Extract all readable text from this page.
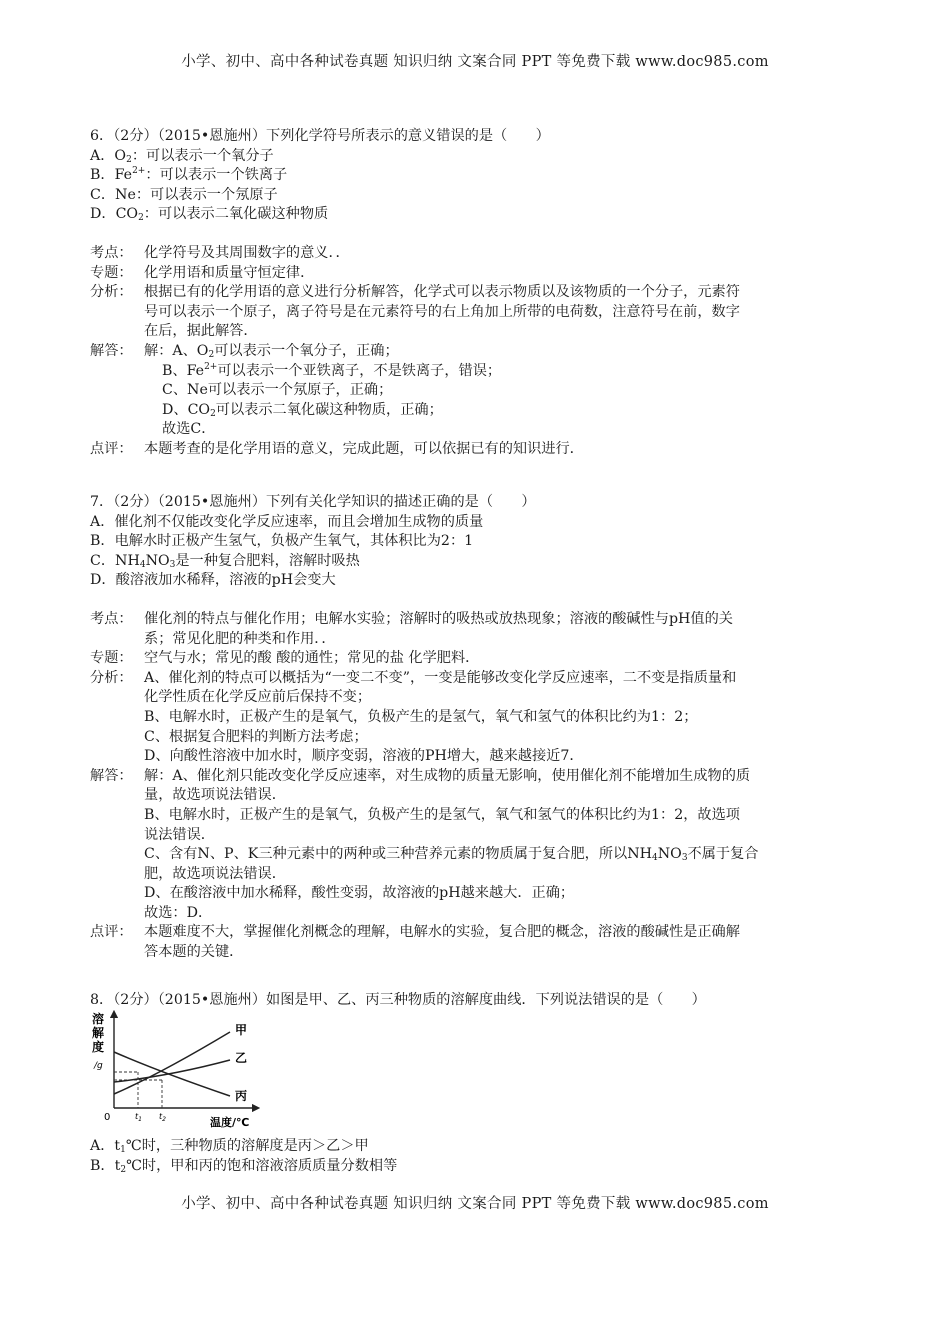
小学、初中、高中各种试卷真题 知识归纳 文案合同 PPT 等免费下载 www.doc985.com
6．（2分）（2015•恩施州）下列化学符号所表示的意义错误的是（　　）
A．$O_2$：可以表示一个氧分子
B．$Fe^{2+}$：可以表示一个铁离子
C．Ne：可以表示一个氖原子
D．$CO_2$：可以表示二氧化碳这种物质
考点： 化学符号及其周围数字的意义．．
专题： 化学用语和质量守恒定律．
分析： 根据已有的化学用语的意义进行分析解答，化学式可以表示物质以及该物质的一个分子，元素符
号可以表示一个原子，离子符号是在元素符号的右上角加上所带的电荷数，注意符号在前，数字
在后，据此解答．
解答： 解：A、$O_2$可以表示一个氧分子，正确；
B、$Fe^{2+}$可以表示一个亚铁离子，不是铁离子，错误；
C、Ne可以表示一个氖原子，正确；
D、$CO_2$可以表示二氧化碳这种物质，正确；
故选C．
点评： 本题考查的是化学用语的意义，完成此题，可以依据已有的知识进行．
7．（2分）（2015•恩施州）下列有关化学知识的描述正确的是（　　）
A．催化剂不仅能改变化学反应速率，而且会增加生成物的质量
B．电解水时正极产生氢气，负极产生氧气，其体积比为2：1
C．$NH_4NO_3$是一种复合肥料，溶解时吸热
D．酸溶液加水稀释，溶液的pH会变大
考点： 催化剂的特点与催化作用；电解水实验；溶解时的吸热或放热现象；溶液的酸碱性与pH值的关
系；常见化肥的种类和作用．．
专题： 空气与水；常见的酸 酸的通性；常见的盐 化学肥料．
分析： A、催化剂的特点可以概括为“一变二不变”，一变是能够改变化学反应速率，二不变是指质量和
化学性质在化学反应前后保持不变；
B、电解水时，正极产生的是氧气，负极产生的是氢气，氧气和氢气的体积比约为1：2；
C、根据复合肥料的判断方法考虑；
D、向酸性溶液中加水时，顺序变弱，溶液的PH增大，越来越接近7．
解答： 解：A、催化剂只能改变化学反应速率，对生成物的质量无影响，使用催化剂不能增加生成物的质
量，故选项说法错误．
B、电解水时，正极产生的是氧气，负极产生的是氢气，氧气和氢气的体积比约为1：2，故选项
说法错误．
C、含有N、P、K三种元素中的两种或三种营养元素的物质属于复合肥，所以$NH_4NO_3$不属于复合
肥，故选项说法错误．
D、在酸溶液中加水稀释，酸性变弱，故溶液的pH越来越大．正确；
故选：D．
点评： 本题难度不大，掌握催化剂概念的理解，电解水的实验，复合肥的概念，溶液的酸碱性是正确解
答本题的关键．
8．（2分）（2015•恩施州）如图是甲、乙、丙三种物质的溶解度曲线．下列说法错误的是（　　）
溶
解
度
/g
0	温度/℃
甲
乙
丙
$t_1$ $t_2$
A．$t_1℃$时，三种物质的溶解度是丙＞乙＞甲
B．$t_2℃$时，甲和丙的饱和溶液溶质质量分数相等
小学、初中、高中各种试卷真题 知识归纳 文案合同 PPT 等免费下载 www.doc985.com
